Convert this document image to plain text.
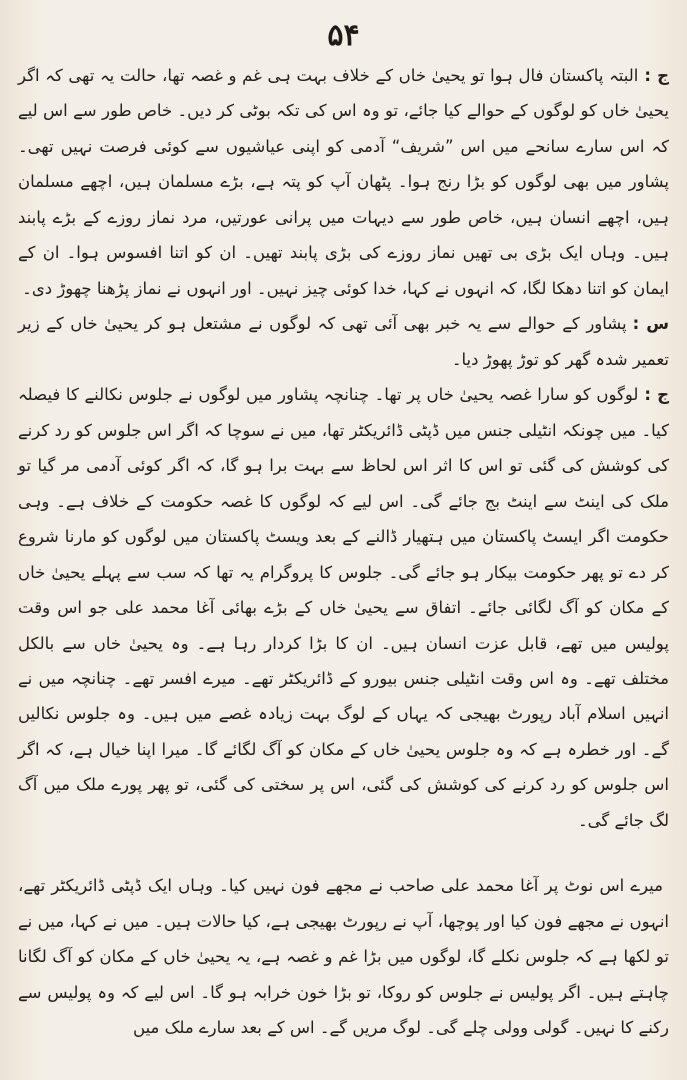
۵۴

ج :البتہ پاکستان فال ہوا تو یحییٰ خاں کے خلاف بہت ہی غم و غصہ تھا، حالت یہ تھی کہ اگر یحییٰ خاں کو لوگوں کے حوالے کیا جائے، تو وہ اس کی تکہ بوٹی کر دیں۔ خاص طور سے اس لیے کہ اس سارے سانحے میں اس ”شریف“ آدمی کو اپنی عیاشیوں سے کوئی فرصت نہیں تھی۔ پشاور میں بھی لوگوں کو بڑا رنج ہوا۔ پٹھان آپ کو پتہ ہے، بڑے مسلمان ہیں، اچھے مسلمان ہیں، اچھے انسان ہیں، خاص طور سے دیہات میں پرانی عورتیں، مرد نماز روزے کے بڑے پابند ہیں۔ وہاں ایک بڑی بی تھیں نماز روزے کی بڑی پابند تھیں۔ ان کو اتنا افسوس ہوا۔ ان کے ایمان کو اتنا دھکا لگا، کہ انہوں نے کہا، خدا کوئی چیز نہیں۔ اور انہوں نے نماز پڑھنا چھوڑ دی۔

س :پشاور کے حوالے سے یہ خبر بھی آئی تھی کہ لوگوں نے مشتعل ہو کر یحییٰ خاں کے زیر تعمیر شدہ گھر کو توڑ پھوڑ دیا۔

ج :لوگوں کو سارا غصہ یحییٰ خاں پر تھا۔ چنانچہ پشاور میں لوگوں نے جلوس نکالنے کا فیصلہ کیا۔ میں چونکہ انٹیلی جنس میں ڈپٹی ڈائریکٹر تھا، میں نے سوچا کہ اگر اس جلوس کو رد کرنے کی کوشش کی گئی تو اس کا اثر اس لحاظ سے بہت برا ہو گا، کہ اگر کوئی آدمی مر گیا تو ملک کی اینٹ سے اینٹ بج جائے گی۔ اس لیے کہ لوگوں کا غصہ حکومت کے خلاف ہے۔ وہی حکومت اگر ایسٹ پاکستان میں ہتھیار ڈالنے کے بعد ویسٹ پاکستان میں لوگوں کو مارنا شروع کر دے تو پھر حکومت بیکار ہو جائے گی۔ جلوس کا پروگرام یہ تھا کہ سب سے پہلے یحییٰ خاں کے مکان کو آگ لگائی جائے۔ اتفاق سے یحییٰ خاں کے بڑے بھائی آغا محمد علی جو اس وقت پولیس میں تھے، قابل عزت انسان ہیں۔ ان کا بڑا کردار رہا ہے۔ وہ یحییٰ خاں سے بالکل مختلف تھے۔ وہ اس وقت انٹیلی جنس بیورو کے ڈائریکٹر تھے۔ میرے افسر تھے۔ چنانچہ میں نے انہیں اسلام آباد رپورٹ بھیجی کہ یہاں کے لوگ بہت زیادہ غصے میں ہیں۔ وہ جلوس نکالیں گے۔ اور خطرہ ہے کہ وہ جلوس یحییٰ خاں کے مکان کو آگ لگائے گا۔ میرا اپنا خیال ہے، کہ اگر اس جلوس کو رد کرنے کی کوشش کی گئی، اس پر سختی کی گئی، تو پھر پورے ملک میں آگ لگ جائے گی۔

میرے اس نوٹ پر آغا محمد علی صاحب نے مجھے فون نہیں کیا۔ وہاں ایک ڈپٹی ڈائریکٹر تھے، انہوں نے مجھے فون کیا اور پوچھا، آپ نے رپورٹ بھیجی ہے، کیا حالات ہیں۔ میں نے کہا، میں نے تو لکھا ہے کہ جلوس نکلے گا، لوگوں میں بڑا غم و غصہ ہے، یہ یحییٰ خاں کے مکان کو آگ لگانا چاہتے ہیں۔ اگر پولیس نے جلوس کو روکا، تو بڑا خون خرابہ ہو گا۔ اس لیے کہ وہ پولیس سے رکنے کا نہیں۔ گولی وولی چلے گی۔ لوگ مریں گے۔ اس کے بعد سارے ملک میں
